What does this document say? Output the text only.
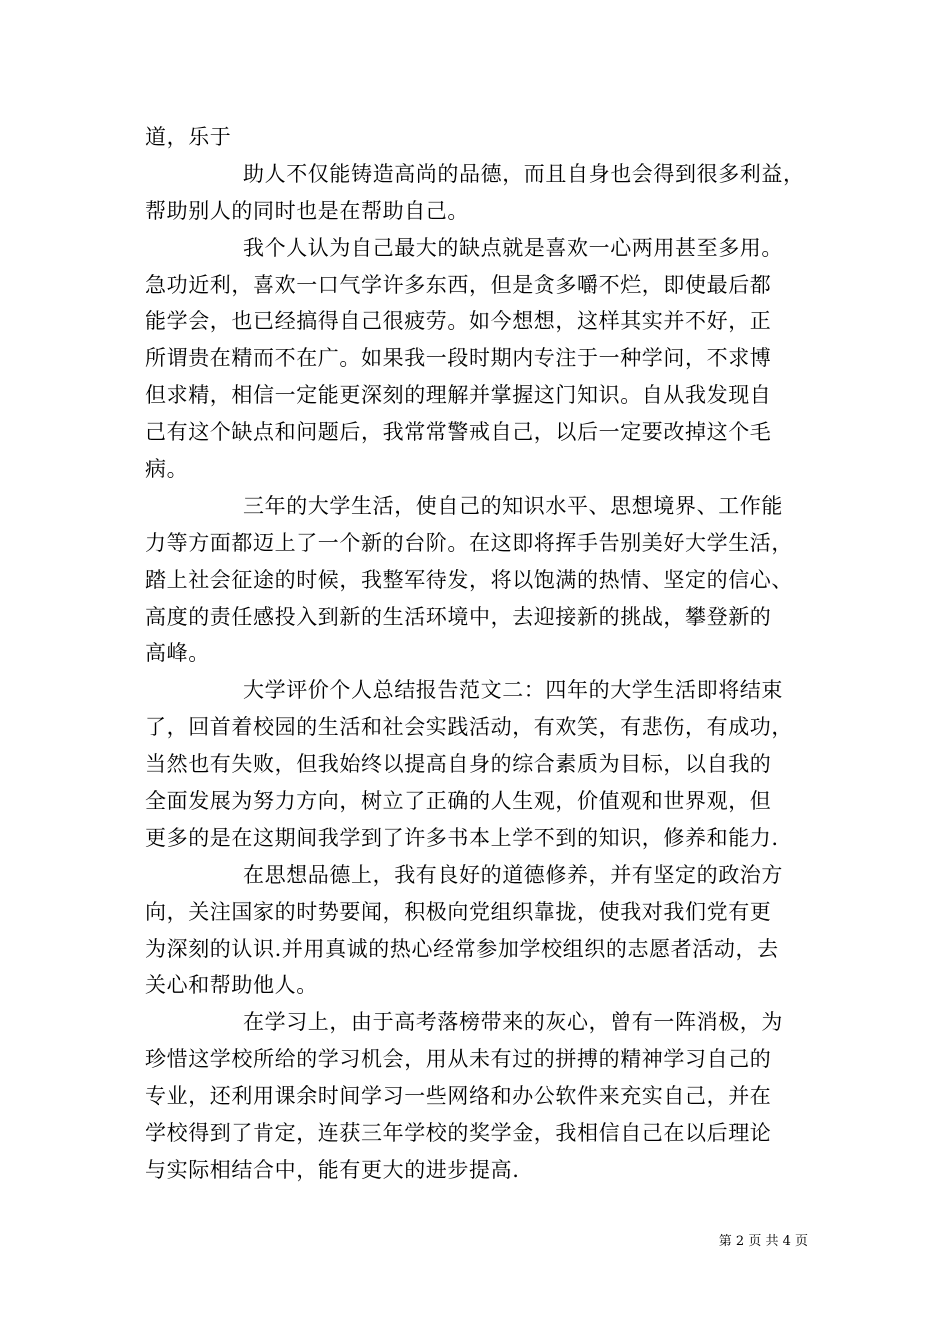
道，乐于
助人不仅能铸造高尚的品德，而且自身也会得到很多利益，
帮助别人的同时也是在帮助自己。
我个人认为自己最大的缺点就是喜欢一心两用甚至多用。
急功近利，喜欢一口气学许多东西，但是贪多嚼不烂，即使最后都
能学会，也已经搞得自己很疲劳。如今想想，这样其实并不好，正
所谓贵在精而不在广。如果我一段时期内专注于一种学问，不求博
但求精，相信一定能更深刻的理解并掌握这门知识。自从我发现自
己有这个缺点和问题后，我常常警戒自己，以后一定要改掉这个毛
病。
三年的大学生活，使自己的知识水平、思想境界、工作能
力等方面都迈上了一个新的台阶。在这即将挥手告别美好大学生活，
踏上社会征途的时候，我整军待发，将以饱满的热情、坚定的信心、
高度的责任感投入到新的生活环境中，去迎接新的挑战，攀登新的
高峰。
大学评价个人总结报告范文二：四年的大学生活即将结束
了，回首着校园的生活和社会实践活动，有欢笑，有悲伤，有成功，
当然也有失败，但我始终以提高自身的综合素质为目标，以自我的
全面发展为努力方向，树立了正确的人生观，价值观和世界观，但
更多的是在这期间我学到了许多书本上学不到的知识，修养和能力.
在思想品德上，我有良好的道德修养，并有坚定的政治方
向，关注国家的时势要闻，积极向党组织靠拢，使我对我们党有更
为深刻的认识.并用真诚的热心经常参加学校组织的志愿者活动，去
关心和帮助他人。
在学习上，由于高考落榜带来的灰心，曾有一阵消极，为
珍惜这学校所给的学习机会，用从未有过的拼搏的精神学习自己的
专业，还利用课余时间学习一些网络和办公软件来充实自己，并在
学校得到了肯定，连获三年学校的奖学金，我相信自己在以后理论
与实际相结合中，能有更大的进步提高.
第 2 页 共 4 页
